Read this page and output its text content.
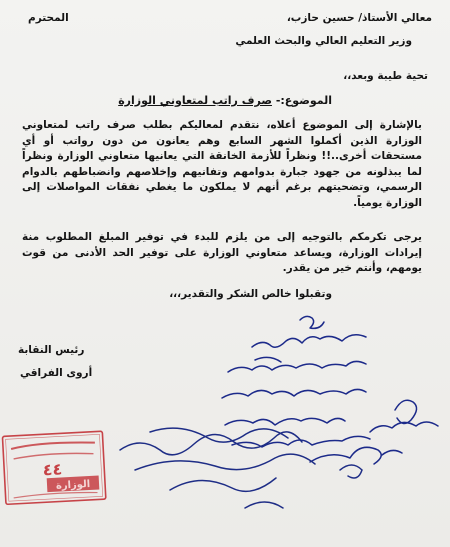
معالي الأستاذ/ حسين حازب،
المحترم
وزير التعليم العالي والبحث العلمي
تحية طيبة وبعد،،
الموضوع:- صرف راتب لمتعاوني الوزارة
بالإشارة إلى الموضوع أعلاه، نتقدم لمعاليكم بطلب صرف راتب لمتعاوني الوزارة الذين أكملوا الشهر السابع وهم يعانون من دون رواتب أو أي مستحقات أخرى..!! ونظراً للأزمة الخانقة التي يعانيها متعاوني الوزارة ونظراً لما يبذلونه من جهود جبارة بدوامهم وتفانيهم وإخلاصهم وانضباطهم بالدوام الرسمي، وتضحيتهم برغم أنهم لا يملكون ما يغطي نفقات المواصلات إلى الوزارة يومياً.
يرجى تكرمكم بالتوجيه إلى من يلزم للبدء في توفير المبلغ المطلوب منة إيرادات الوزارة، ويساعد متعاوني الوزارة على توفير الحد الأدنى من قوت يومهم، وأنتم خير من يقدر.
وتقبلوا خالص الشكر والتقدير،،،
رئيس النقابة
أروى الفراقي
٤٤
الوزارة
